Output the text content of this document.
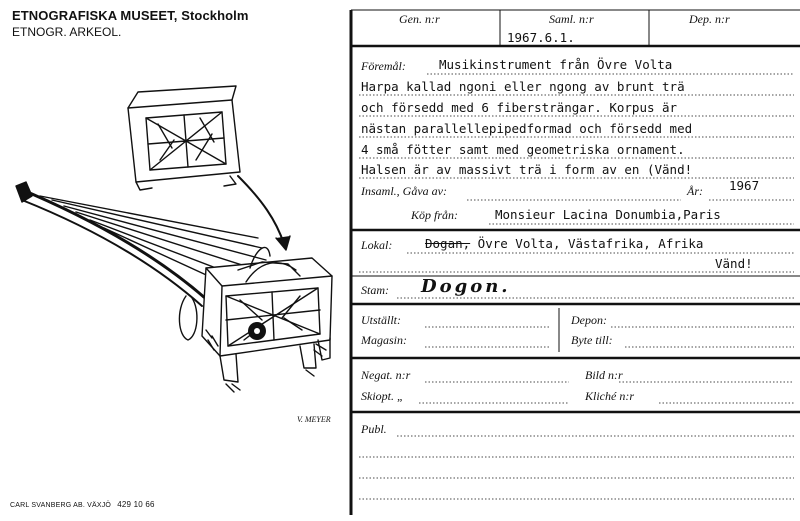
ETNOGRAFISKA MUSEET, Stockholm
ETNOGR. ARKEOL.
V. MEYER
CARL SVANBERG AB. VÄXJÖ 429 10 66
Gen. n:r	Saml. n:r	Dep. n:r
1967.6.1.
Föremål:	Musikinstrument från Övre Volta
Harpa kallad ngoni eller ngong av brunt trä
och försedd med 6 fibersträngar. Korpus är
nästan parallellepipedformad och försedd med
4 små fötter samt med geometriska ornament.
Halsen är av massivt trä i form av en (Vänd!
Insaml., Gåva av:	År: 1967
Köp från:	Monsieur Lacina Donumbia,Paris
Lokal:	Dogan, Övre Volta, Västafrika, Afrika
Vänd!
Stam: Dogon.
Utställt:	Depon:
Magasin:	Byte till:
Negat. n:r	Bild n:r
Skiopt. „	Kliché n:r
Publ.
